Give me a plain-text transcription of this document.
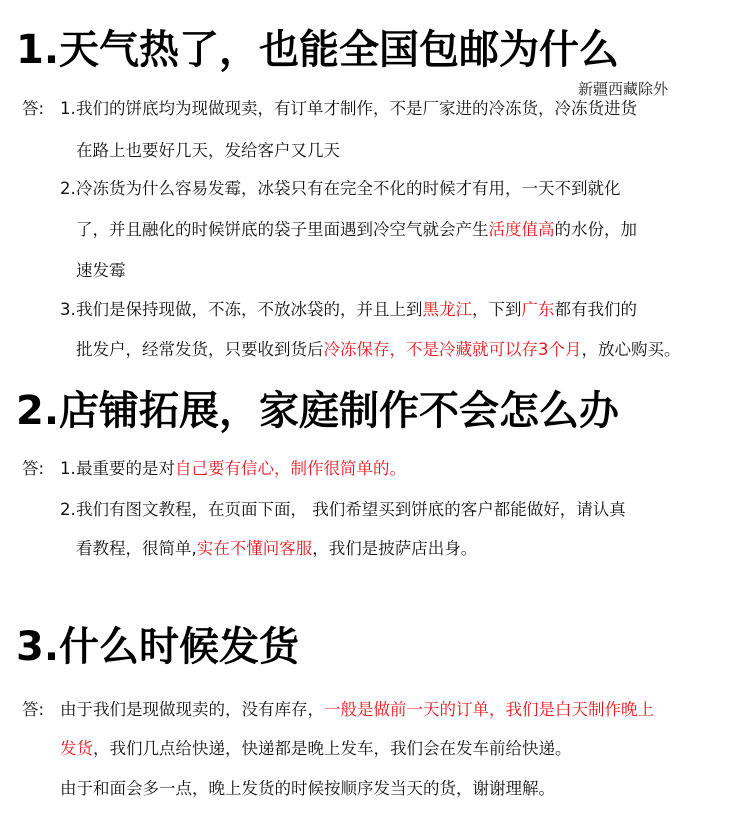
1.天气热了，也能全国包邮为什么
新疆西藏除外
答: 1. 我们的饼底均为现做现卖，有订单才制作，不是厂家进的冷冻货，冷冻货进货
在路上也要好几天，发给客户又几天
2. 冷冻货为什么容易发霉，冰袋只有在完全不化的时候才有用，一天不到就化
了，并且融化的时候饼底的袋子里面遇到冷空气就会产生活度值高的水份，加
速发霉
3. 我们是保持现做，不冻，不放冰袋的，并且上到黑龙江，下到广东都有我们的
批发户，经常发货，只要收到货后冷冻保存，不是冷藏就可以存3个月，放心购买。
2.店铺拓展，家庭制作不会怎么办
答: 1. 最重要的是对自己要有信心，制作很简单的。
2. 我们有图文教程，在页面下面， 我们希望买到饼底的客户都能做好，请认真
看教程，很简单,实在不懂问客服，我们是披萨店出身。
3.什么时候发货
答: 由于我们是现做现卖的，没有库存，一般是做前一天的订单，我们是白天制作晚上
发货，我们几点给快递，快递都是晚上发车，我们会在发车前给快递。
由于和面会多一点，晚上发货的时候按顺序发当天的货，谢谢理解。
